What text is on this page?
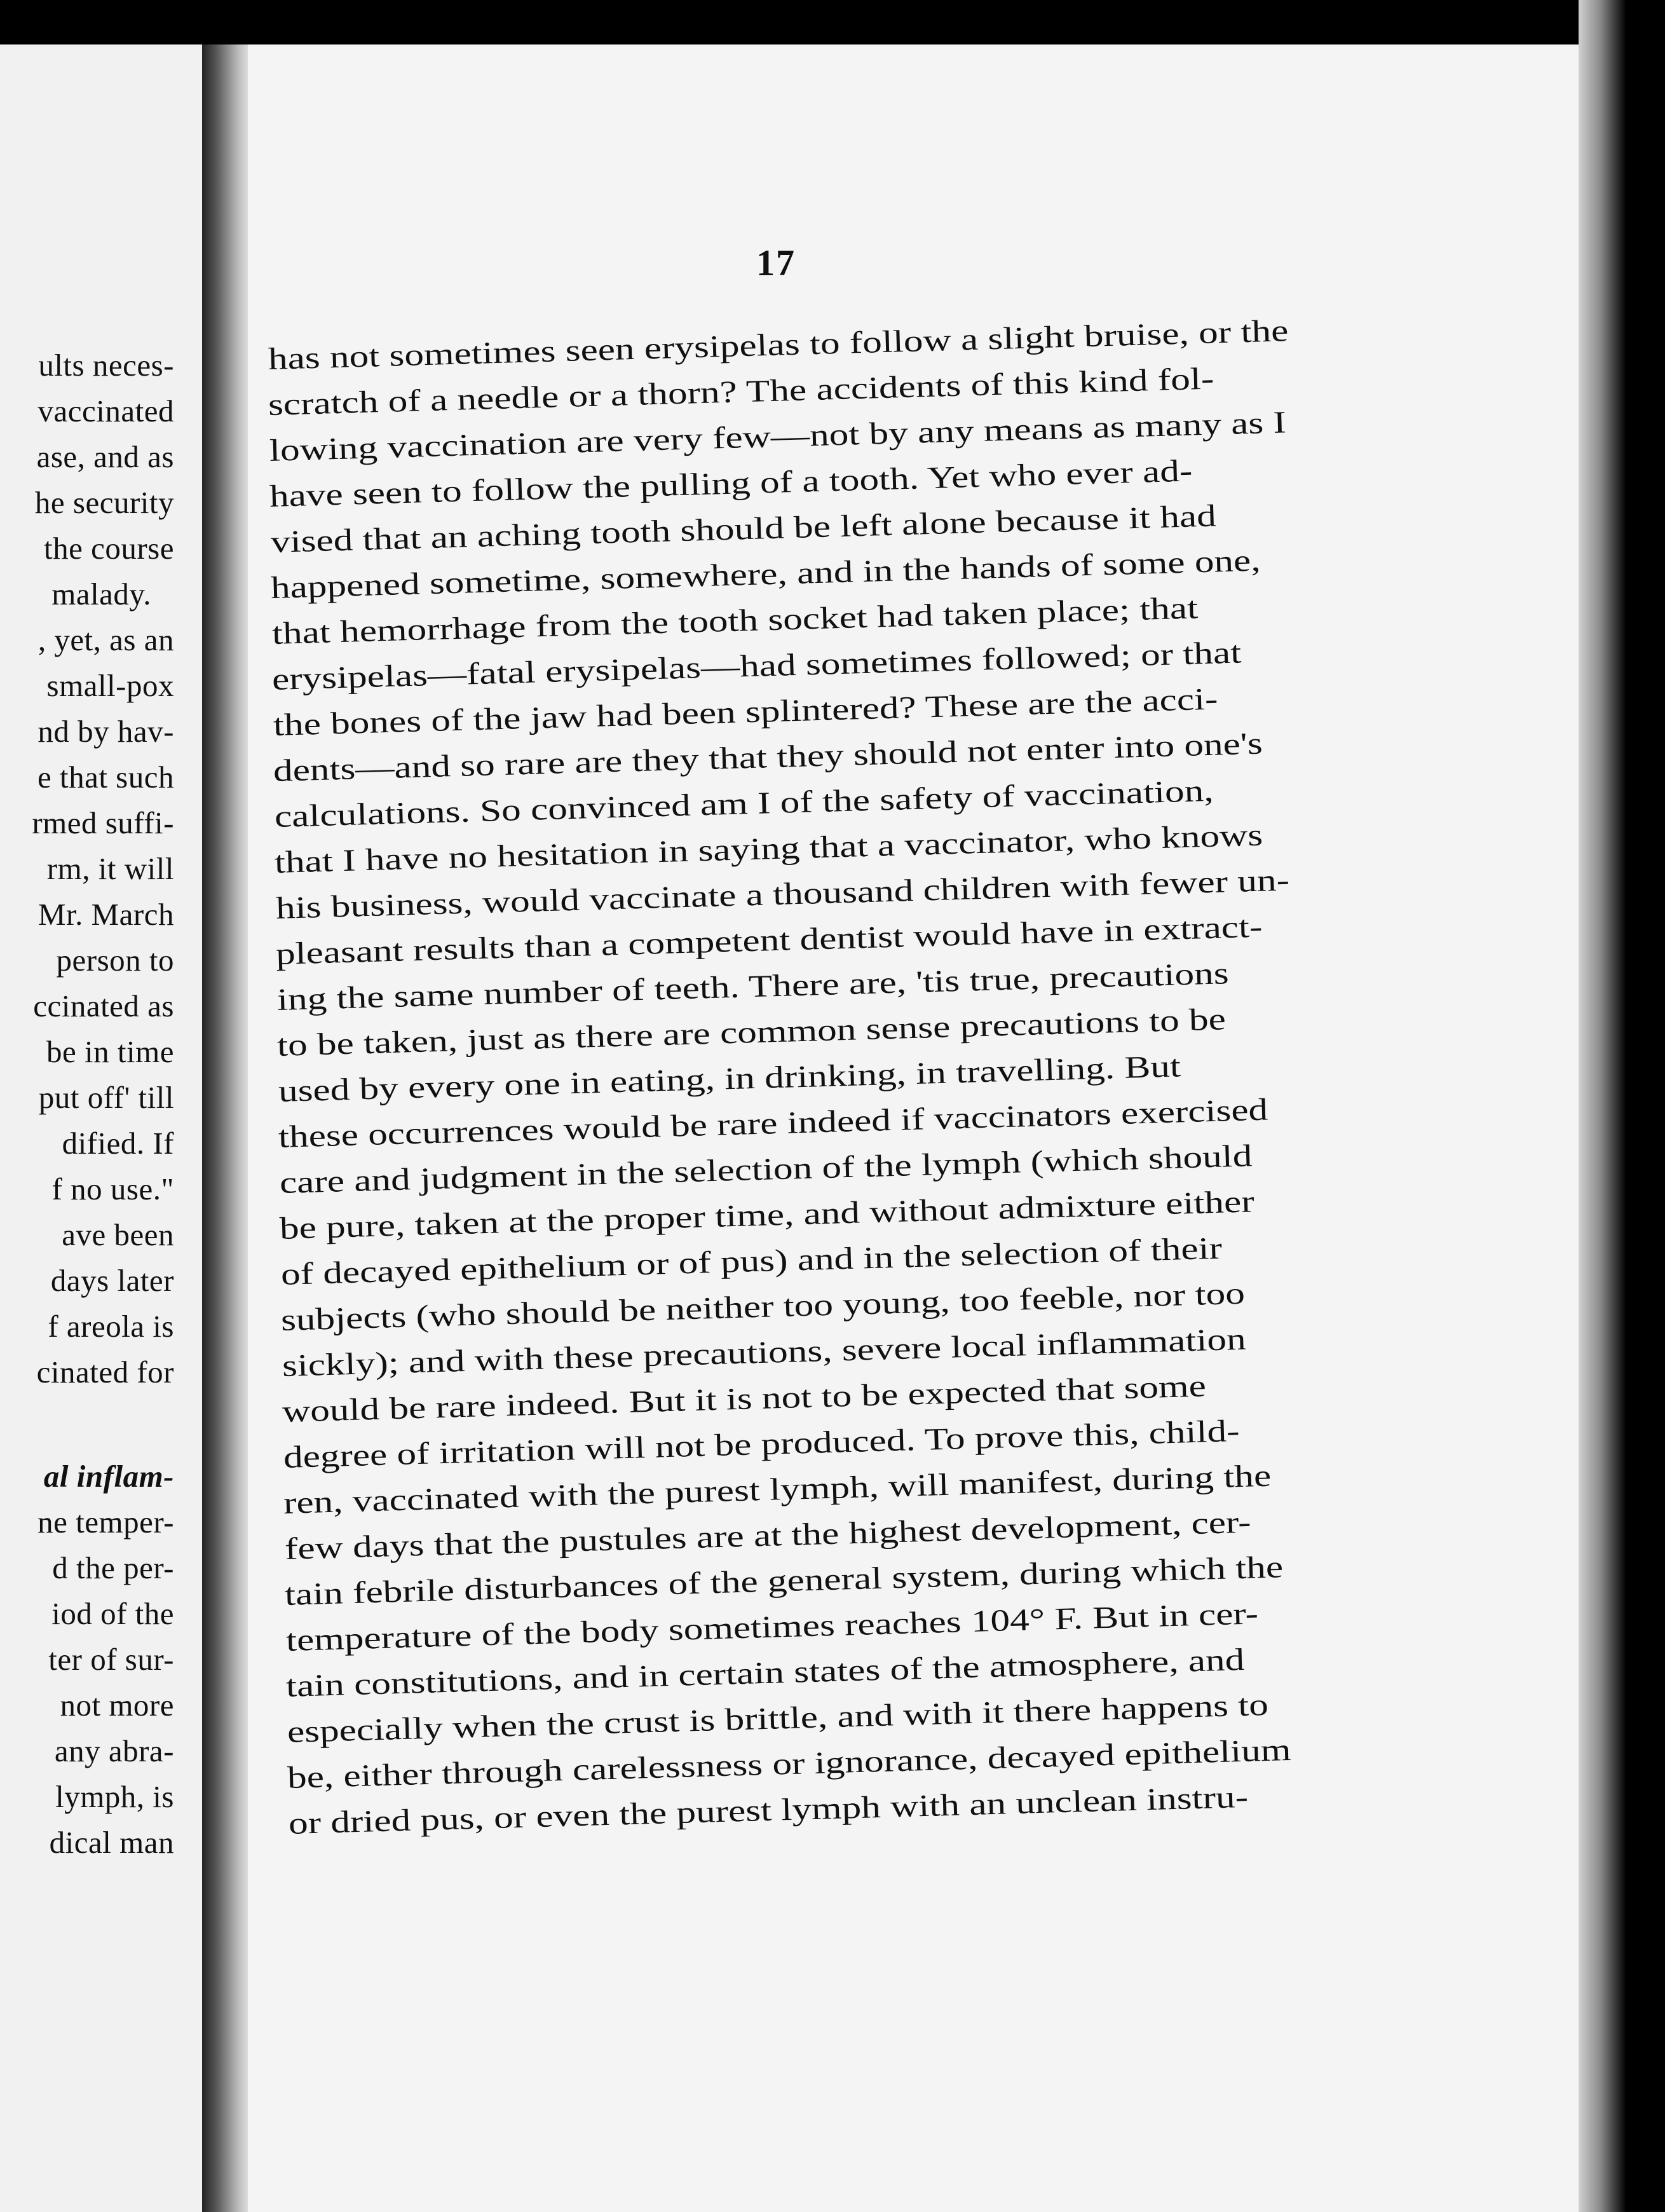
ults neces-
vaccinated
ase, and as
he security
the course
malady.
, yet, as an
small-pox
nd by hav-
e that such
rmed suffi-
rm, it will
Mr. March
person to
ccinated as
be in time
put off' till
dified. If
f no use."
ave been
days later
f areola is
cinated for
al inflam-
ne temper-
d the per-
iod of the
ter of sur-
not more
any abra-
lymph, is
dical man
17
has not sometimes seen erysipelas to follow a slight bruise, or the
scratch of a needle or a thorn? The accidents of this kind fol-
lowing vaccination are very few—not by any means as many as I
have seen to follow the pulling of a tooth. Yet who ever ad-
vised that an aching tooth should be left alone because it had
happened sometime, somewhere, and in the hands of some one,
that hemorrhage from the tooth socket had taken place; that
erysipelas—fatal erysipelas—had sometimes followed; or that
the bones of the jaw had been splintered? These are the acci-
dents—and so rare are they that they should not enter into one's
calculations. So convinced am I of the safety of vaccination,
that I have no hesitation in saying that a vaccinator, who knows
his business, would vaccinate a thousand children with fewer un-
pleasant results than a competent dentist would have in extract-
ing the same number of teeth. There are, 'tis true, precautions
to be taken, just as there are common sense precautions to be
used by every one in eating, in drinking, in travelling. But
these occurrences would be rare indeed if vaccinators exercised
care and judgment in the selection of the lymph (which should
be pure, taken at the proper time, and without admixture either
of decayed epithelium or of pus) and in the selection of their
subjects (who should be neither too young, too feeble, nor too
sickly); and with these precautions, severe local inflammation
would be rare indeed. But it is not to be expected that some
degree of irritation will not be produced. To prove this, child-
ren, vaccinated with the purest lymph, will manifest, during the
few days that the pustules are at the highest development, cer-
tain febrile disturbances of the general system, during which the
temperature of the body sometimes reaches 104° F. But in cer-
tain constitutions, and in certain states of the atmosphere, and
especially when the crust is brittle, and with it there happens to
be, either through carelessness or ignorance, decayed epithelium
or dried pus, or even the purest lymph with an unclean instru-
